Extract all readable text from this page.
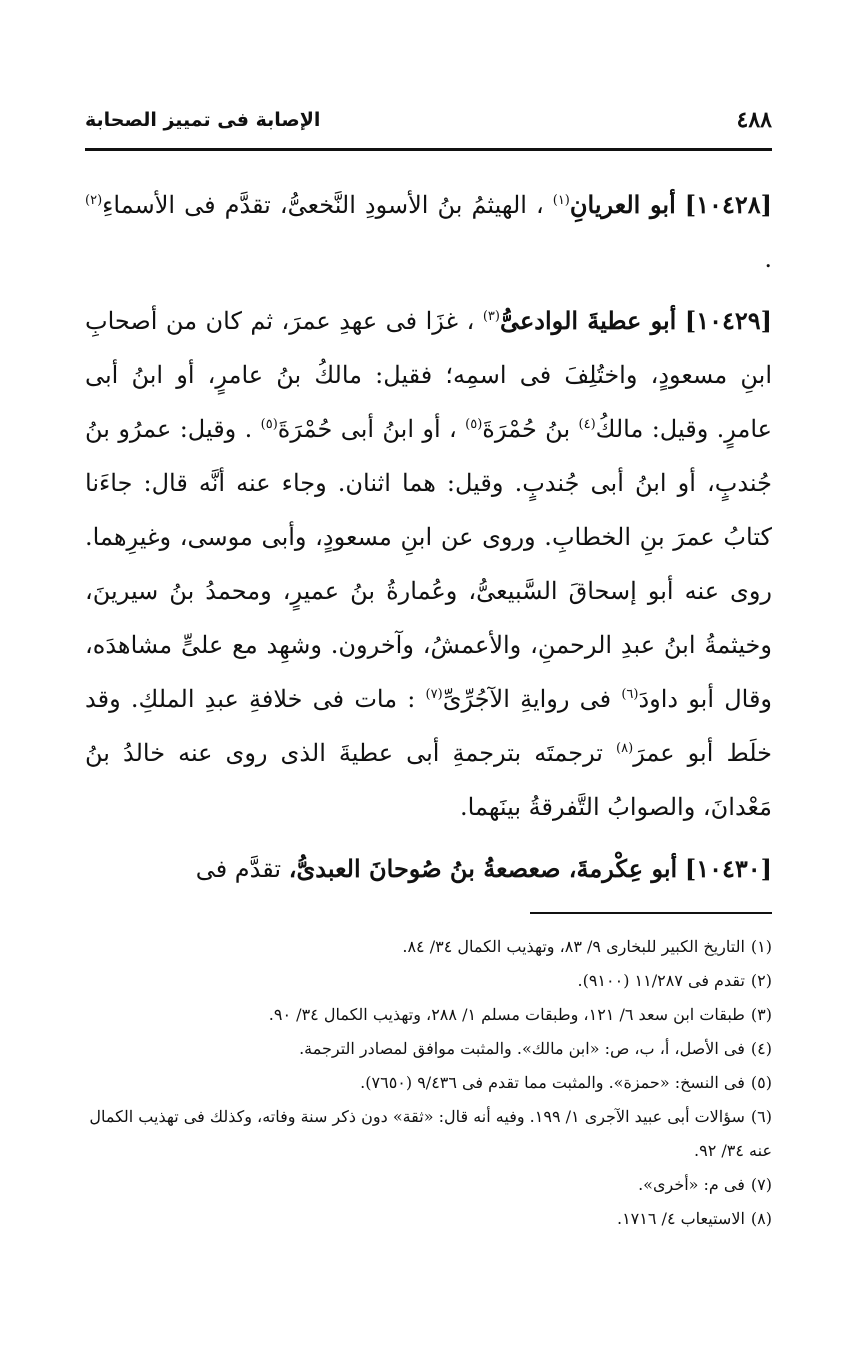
٤٨٨
الإصابة فى تمييز الصحابة

[١٠٤٢٨] أبو العريانِ$^{(١)}$ ، الهيثمُ بنُ الأسودِ النَّخعىُّ، تقدَّم فى الأسماءِ$^{(٢)}$ .

[١٠٤٢٩] أبو عطيةَ الوادعىُّ$^{(٣)}$ ، غزَا فى عهدِ عمرَ، ثم كان من أصحابِ ابنِ مسعودٍ، واختُلِفَ فى اسمِه؛ فقيل: مالكُ بنُ عامرٍ، أو ابنُ أبى عامرٍ. وقيل: مالكُ$^{(٤)}$ بنُ حُمْرَةَ$^{(٥)}$ ، أو ابنُ أبى حُمْرَةَ$^{(٥)}$ . وقيل: عمرُو بنُ جُندبٍ، أو ابنُ أبى جُندبٍ. وقيل: هما اثنان. وجاء عنه أنَّه قال: جاءَنا كتابُ عمرَ بنِ الخطابِ. وروى عن ابنِ مسعودٍ، وأبى موسى، وغيرِهما. روى عنه أبو إسحاقَ السَّبيعىُّ، وعُمارةُ بنُ عميرٍ، ومحمدُ بنُ سيرينَ، وخيثمةُ ابنُ عبدِ الرحمنِ، والأعمشُ، وآخرون. وشهِد مع علىٍّ مشاهدَه، وقال أبو داودَ$^{(٦)}$ فى روايةِ الآجُرِّىِّ$^{(٧)}$ : مات فى خلافةِ عبدِ الملكِ. وقد خلَط أبو عمرَ$^{(٨)}$ ترجمتَه بترجمةِ أبى عطيةَ الذى روى عنه خالدُ بنُ مَعْدانَ، والصوابُ التَّفرقةُ بينَهما.

[١٠٤٣٠] أبو عِكْرمةَ، صعصعةُ بنُ صُوحانَ العبدىُّ، تقدَّم فى

(١)التاريخ الكبير للبخارى ٩/ ٨٣، وتهذيب الكمال ٣٤/ ٨٤.

(٢)تقدم فى ١١/٢٨٧ (٩١٠٠).

(٣)طبقات ابن سعد ٦/ ١٢١، وطبقات مسلم ١/ ٢٨٨، وتهذيب الكمال ٣٤/ ٩٠.

(٤)فى الأصل، أ، ب، ص: «ابن مالك». والمثبت موافق لمصادر الترجمة.

(٥)فى النسخ: «حمزة». والمثبت مما تقدم فى ٩/٤٣٦ (٧٦٥٠).

(٦)سؤالات أبى عبيد الآجرى ١/ ١٩٩. وفيه أنه قال: «ثقة» دون ذكر سنة وفاته، وكذلك فى تهذيب الكمال عنه ٣٤/ ٩٢.

(٧)فى م: «أخرى».

(٨)الاستيعاب ٤/ ١٧١٦.
